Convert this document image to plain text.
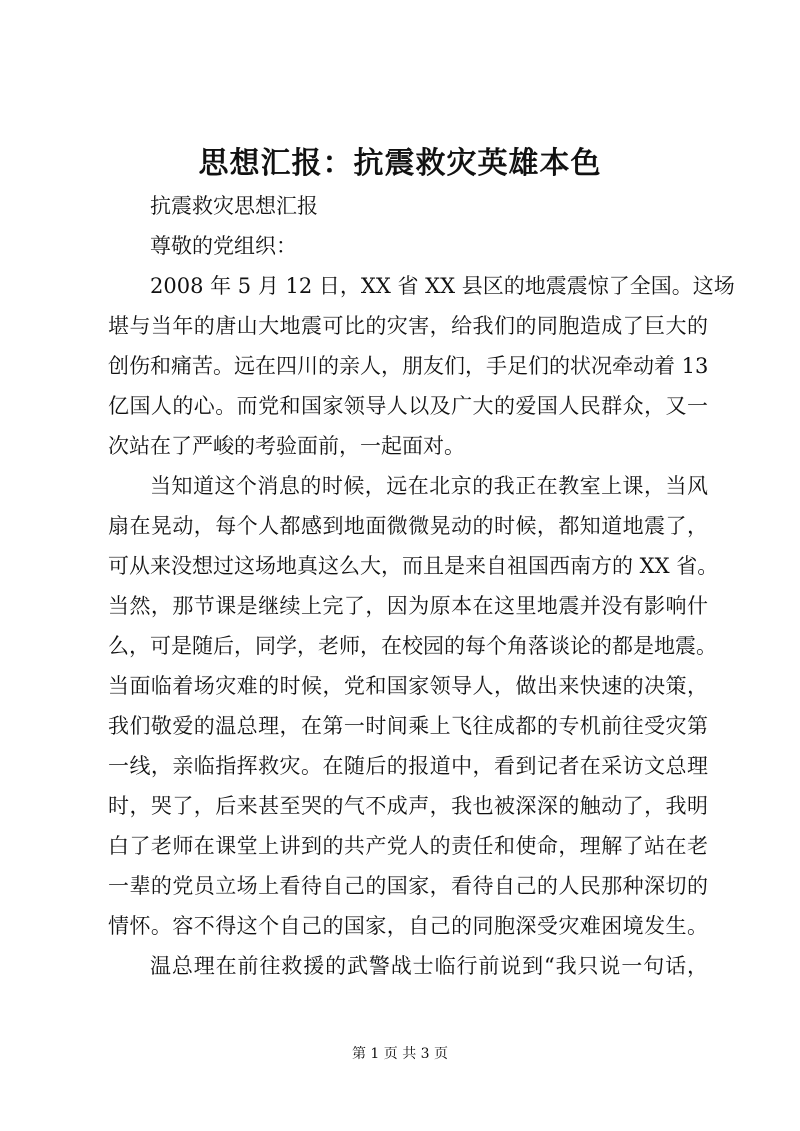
思想汇报：抗震救灾英雄本色

抗震救灾思想汇报

尊敬的党组织：

2008 年 5 月 12 日，XX 省 XX 县区的地震震惊了全国。这场

堪与当年的唐山大地震可比的灾害，给我们的同胞造成了巨大的

创伤和痛苦。远在四川的亲人，朋友们，手足们的状况牵动着 13

亿国人的心。而党和国家领导人以及广大的爱国人民群众，又一

次站在了严峻的考验面前，一起面对。

当知道这个消息的时候，远在北京的我正在教室上课，当风

扇在晃动，每个人都感到地面微微晃动的时候，都知道地震了，

可从来没想过这场地真这么大，而且是来自祖国西南方的 XX 省。

当然，那节课是继续上完了，因为原本在这里地震并没有影响什

么，可是随后，同学，老师，在校园的每个角落谈论的都是地震。

当面临着场灾难的时候，党和国家领导人，做出来快速的决策，

我们敬爱的温总理，在第一时间乘上飞往成都的专机前往受灾第

一线，亲临指挥救灾。在随后的报道中，看到记者在采访文总理

时，哭了，后来甚至哭的气不成声，我也被深深的触动了，我明

白了老师在课堂上讲到的共产党人的责任和使命，理解了站在老

一辈的党员立场上看待自己的国家，看待自己的人民那种深切的

情怀。容不得这个自己的国家，自己的同胞深受灾难困境发生。

温总理在前往救援的武警战士临行前说到“我只说一句话，

第 1 页 共 3 页
